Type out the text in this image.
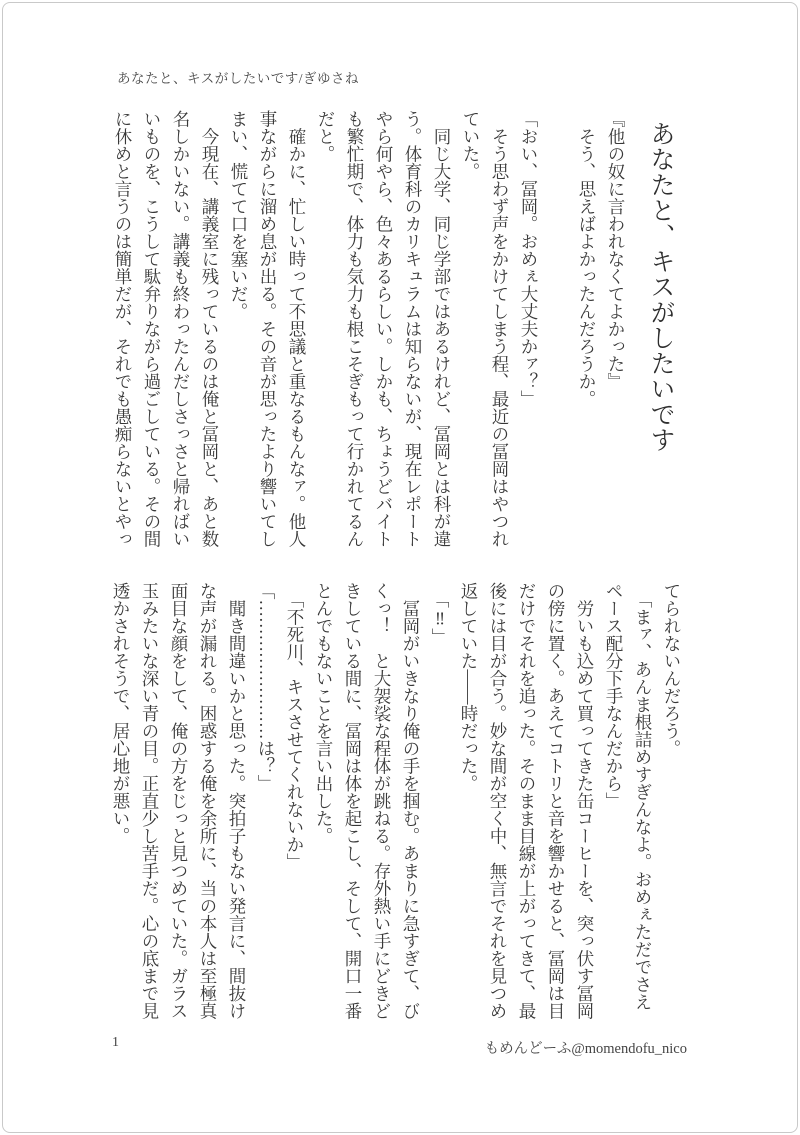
あなたと、キスがしたいです/ぎゆさね
あなたと、キスがしたいです

『他の奴に言われなくてよかった』

　そう、思えばよかったんだろうか。

「おい、冨岡。おめぇ大丈夫かァ？」

　そう思わず声をかけてしまう程、最近の冨岡はやつれていた。

　同じ大学、同じ学部ではあるけれど、冨岡とは科が違う。体育科のカリキュラムは知らないが、現在レポートやら何やら、色々あるらしい。しかも、ちょうどバイトも繁忙期で、体力も気力も根こそぎもって行かれてるんだと。

　確かに、忙しい時って不思議と重なるもんなァ。他人事ながらに溜め息が出る。その音が思ったより響いてしまい、慌てて口を塞いだ。

　今現在、講義室に残っているのは俺と冨岡と、あと数名しかいない。講義も終わったんだしさっさと帰ればいいものを、こうして駄弁りながら過ごしている。その間に休めと言うのは簡単だが、それでも愚痴らないとやっ

てられないんだろう。

　「まァ、あんま根詰めすぎんなよ。おめぇただでさえペース配分下手なんだから」

　労いも込めて買ってきた缶コーヒーを、突っ伏す冨岡の傍に置く。あえてコトリと音を響かせると、冨岡は目だけでそれを追った。そのまま目線が上がってきて、最後には目が合う。妙な間が空く中、無言でそれを見つめ返していた――時だった。

　「‼」

　冨岡がいきなり俺の手を掴む。あまりに急すぎて、びくっ！　と大袈裟な程体が跳ねる。存外熱い手にどきどきしている間に、冨岡は体を起こし、そして、開口一番とんでもないことを言い出した。

　「不死川、キスさせてくれないか」

「……………………は？」

　聞き間違いかと思った。突拍子もない発言に、間抜けな声が漏れる。困惑する俺を余所に、当の本人は至極真面目な顔をして、俺の方をじっと見つめていた。ガラス玉みたいな深い青の目。正直少し苦手だ。心の底まで見透かされそうで、居心地が悪い。

1	もめんどーふ@momendofu_nico
